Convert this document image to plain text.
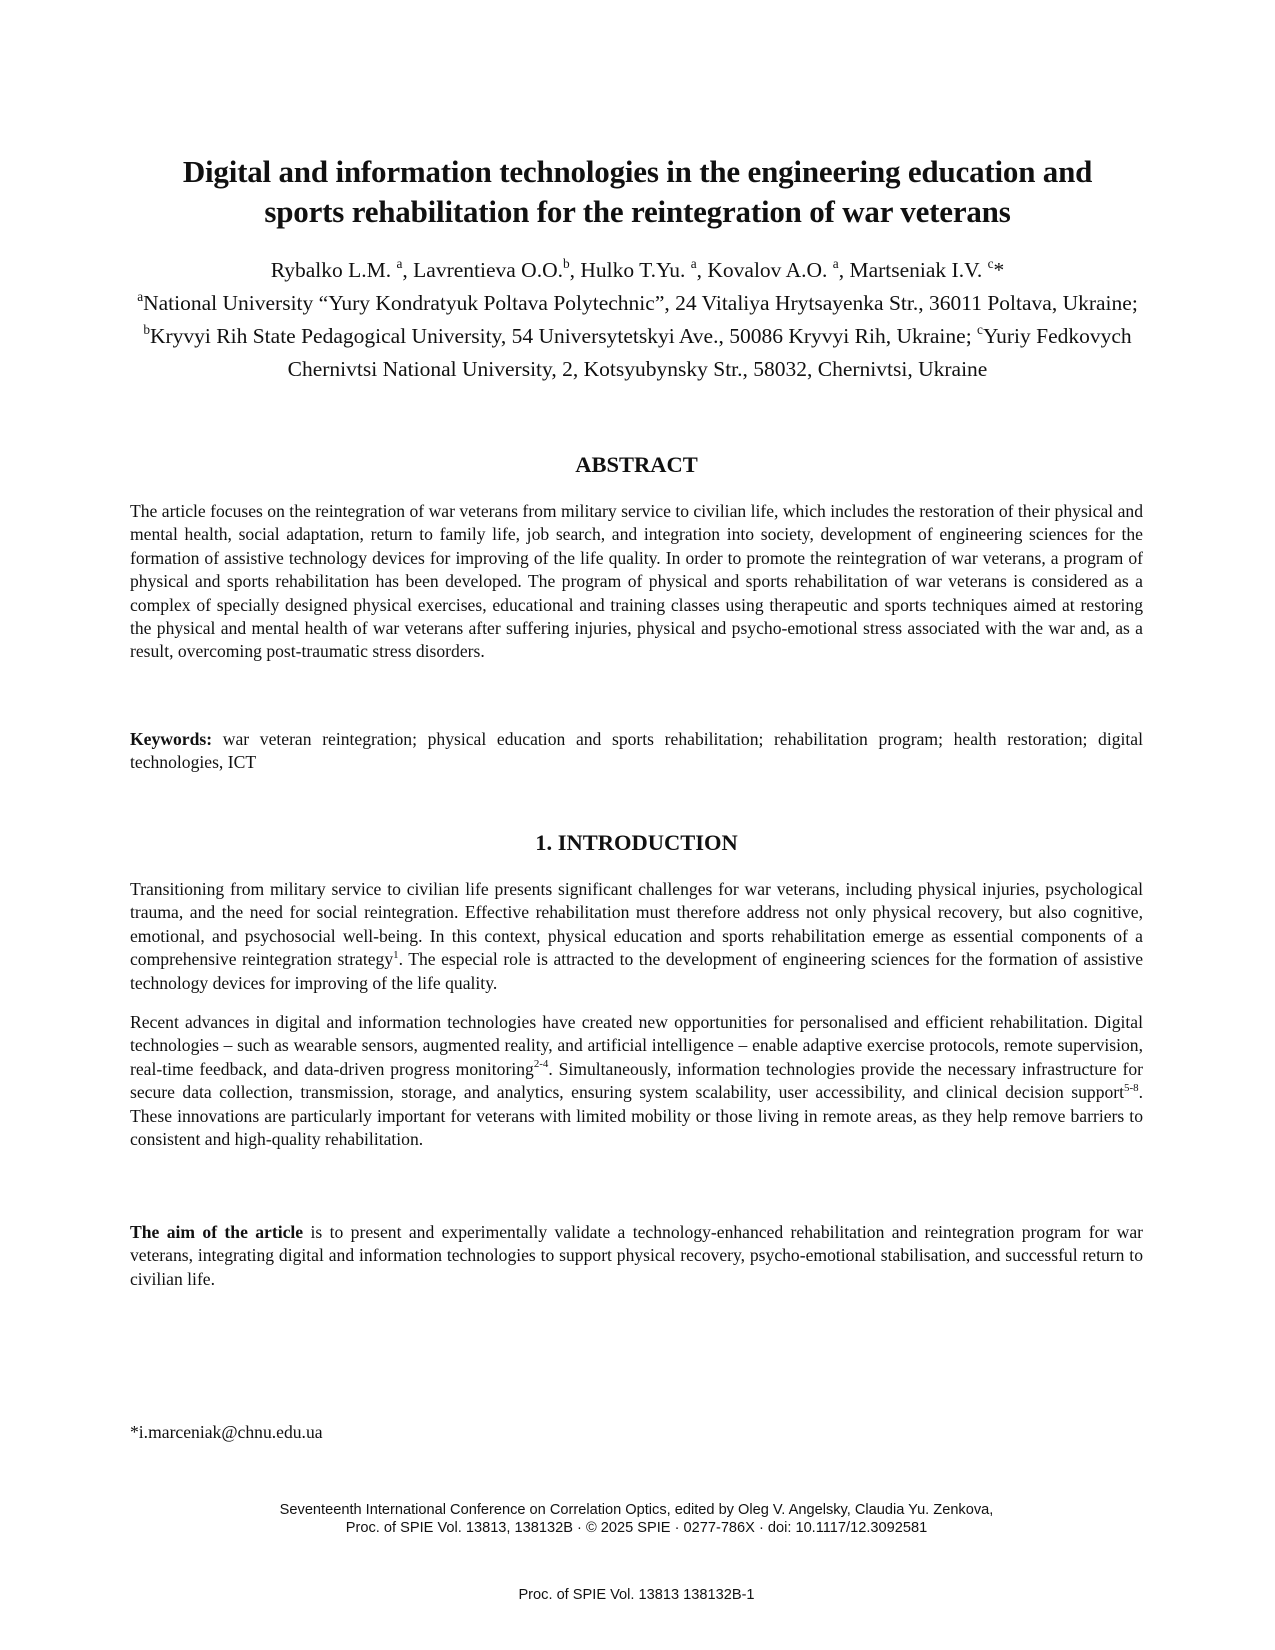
Digital and information technologies in the engineering education and
sports rehabilitation for the reintegration of war veterans
Rybalko L.M. $^a$, Lavrentieva O.O.$^b$, Hulko T.Yu. $^a$, Kovalov A.O. $^a$, Martseniak I.V. $^c$*
$^a$National University “Yury Kondratyuk Poltava Polytechnic”, 24 Vitaliya Hrytsayenka Str., 36011 Poltava, Ukraine; $^b$Kryvyi Rih State Pedagogical University, 54 Universytetskyi Ave., 50086 Kryvyi Rih, Ukraine; $^c$Yuriy Fedkovych Chernivtsi National University, 2, Kotsyubynsky Str., 58032, Chernivtsi, Ukraine
ABSTRACT
The article focuses on the reintegration of war veterans from military service to civilian life, which includes the restoration of their physical and mental health, social adaptation, return to family life, job search, and integration into society, development of engineering sciences for the formation of assistive technology devices for improving of the life quality. In order to promote the reintegration of war veterans, a program of physical and sports rehabilitation has been developed. The program of physical and sports rehabilitation of war veterans is considered as a complex of specially designed physical exercises, educational and training classes using therapeutic and sports techniques aimed at restoring the physical and mental health of war veterans after suffering injuries, physical and psycho-emotional stress associated with the war and, as a result, overcoming post-traumatic stress disorders.
Keywords: war veteran reintegration; physical education and sports rehabilitation; rehabilitation program; health restoration; digital technologies, ICT
1. INTRODUCTION
Transitioning from military service to civilian life presents significant challenges for war veterans, including physical injuries, psychological trauma, and the need for social reintegration. Effective rehabilitation must therefore address not only physical recovery, but also cognitive, emotional, and psychosocial well-being. In this context, physical education and sports rehabilitation emerge as essential components of a comprehensive reintegration strategy$^1$. The especial role is attracted to the development of engineering sciences for the formation of assistive technology devices for improving of the life quality.
Recent advances in digital and information technologies have created new opportunities for personalised and efficient rehabilitation. Digital technologies – such as wearable sensors, augmented reality, and artificial intelligence – enable adaptive exercise protocols, remote supervision, real-time feedback, and data-driven progress monitoring$^{2-4}$. Simultaneously, information technologies provide the necessary infrastructure for secure data collection, transmission, storage, and analytics, ensuring system scalability, user accessibility, and clinical decision support$^{5-8}$. These innovations are particularly important for veterans with limited mobility or those living in remote areas, as they help remove barriers to consistent and high-quality rehabilitation.
The aim of the article is to present and experimentally validate a technology-enhanced rehabilitation and reintegration program for war veterans, integrating digital and information technologies to support physical recovery, psycho-emotional stabilisation, and successful return to civilian life.
*i.marceniak@chnu.edu.ua
Seventeenth International Conference on Correlation Optics, edited by Oleg V. Angelsky, Claudia Yu. Zenkova,
Proc. of SPIE Vol. 13813, 138132B · © 2025 SPIE · 0277-786X · doi: 10.1117/12.3092581
Proc. of SPIE Vol. 13813 138132B-1
